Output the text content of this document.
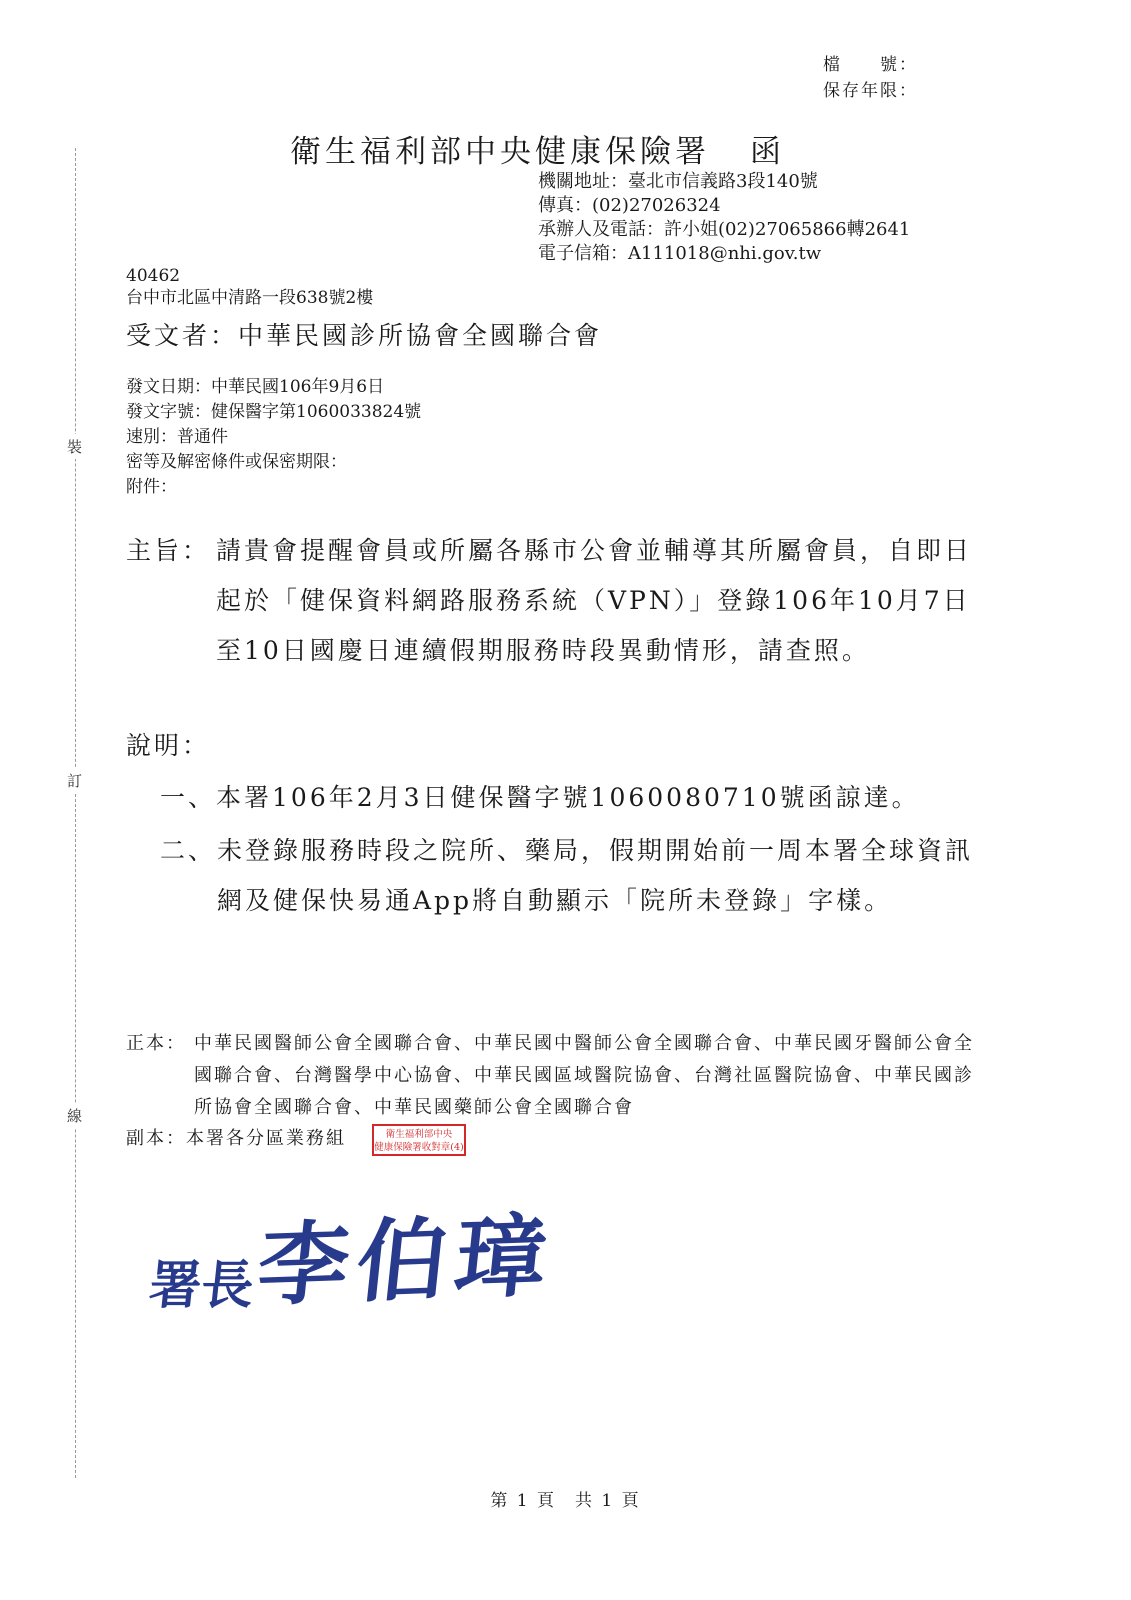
檔　　號：
保存年限：
衛生福利部中央健康保險署 函
機關地址：臺北市信義路3段140號
傳真：(02)27026324
承辦人及電話：許小姐(02)27065866轉2641
電子信箱：A111018@nhi.gov.tw
裝
訂
線
40462
台中市北區中清路一段638號2樓
受文者：中華民國診所協會全國聯合會
發文日期：中華民國106年9月6日
發文字號：健保醫字第1060033824號
速別：普通件
密等及解密條件或保密期限：
附件：
主旨： 請貴會提醒會員或所屬各縣市公會並輔導其所屬會員，自即日起於「健保資料網路服務系統（VPN）」登錄106年10月7日至10日國慶日連續假期服務時段異動情形，請查照。
說明：
一、本署106年2月3日健保醫字號1060080710號函諒達。
二、 未登錄服務時段之院所、藥局，假期開始前一周本署全球資訊網及健保快易通App將自動顯示「院所未登錄」字樣。
正本： 中華民國醫師公會全國聯合會、中華民國中醫師公會全國聯合會、中華民國牙醫師公會全國聯合會、台灣醫學中心協會、中華民國區域醫院協會、台灣社區醫院協會、中華民國診所協會全國聯合會、中華民國藥師公會全國聯合會
副本：本署各分區業務組	衛生福利部中央
健康保險署收對章(4)
署長李伯璋
第 1 頁　共 1 頁
